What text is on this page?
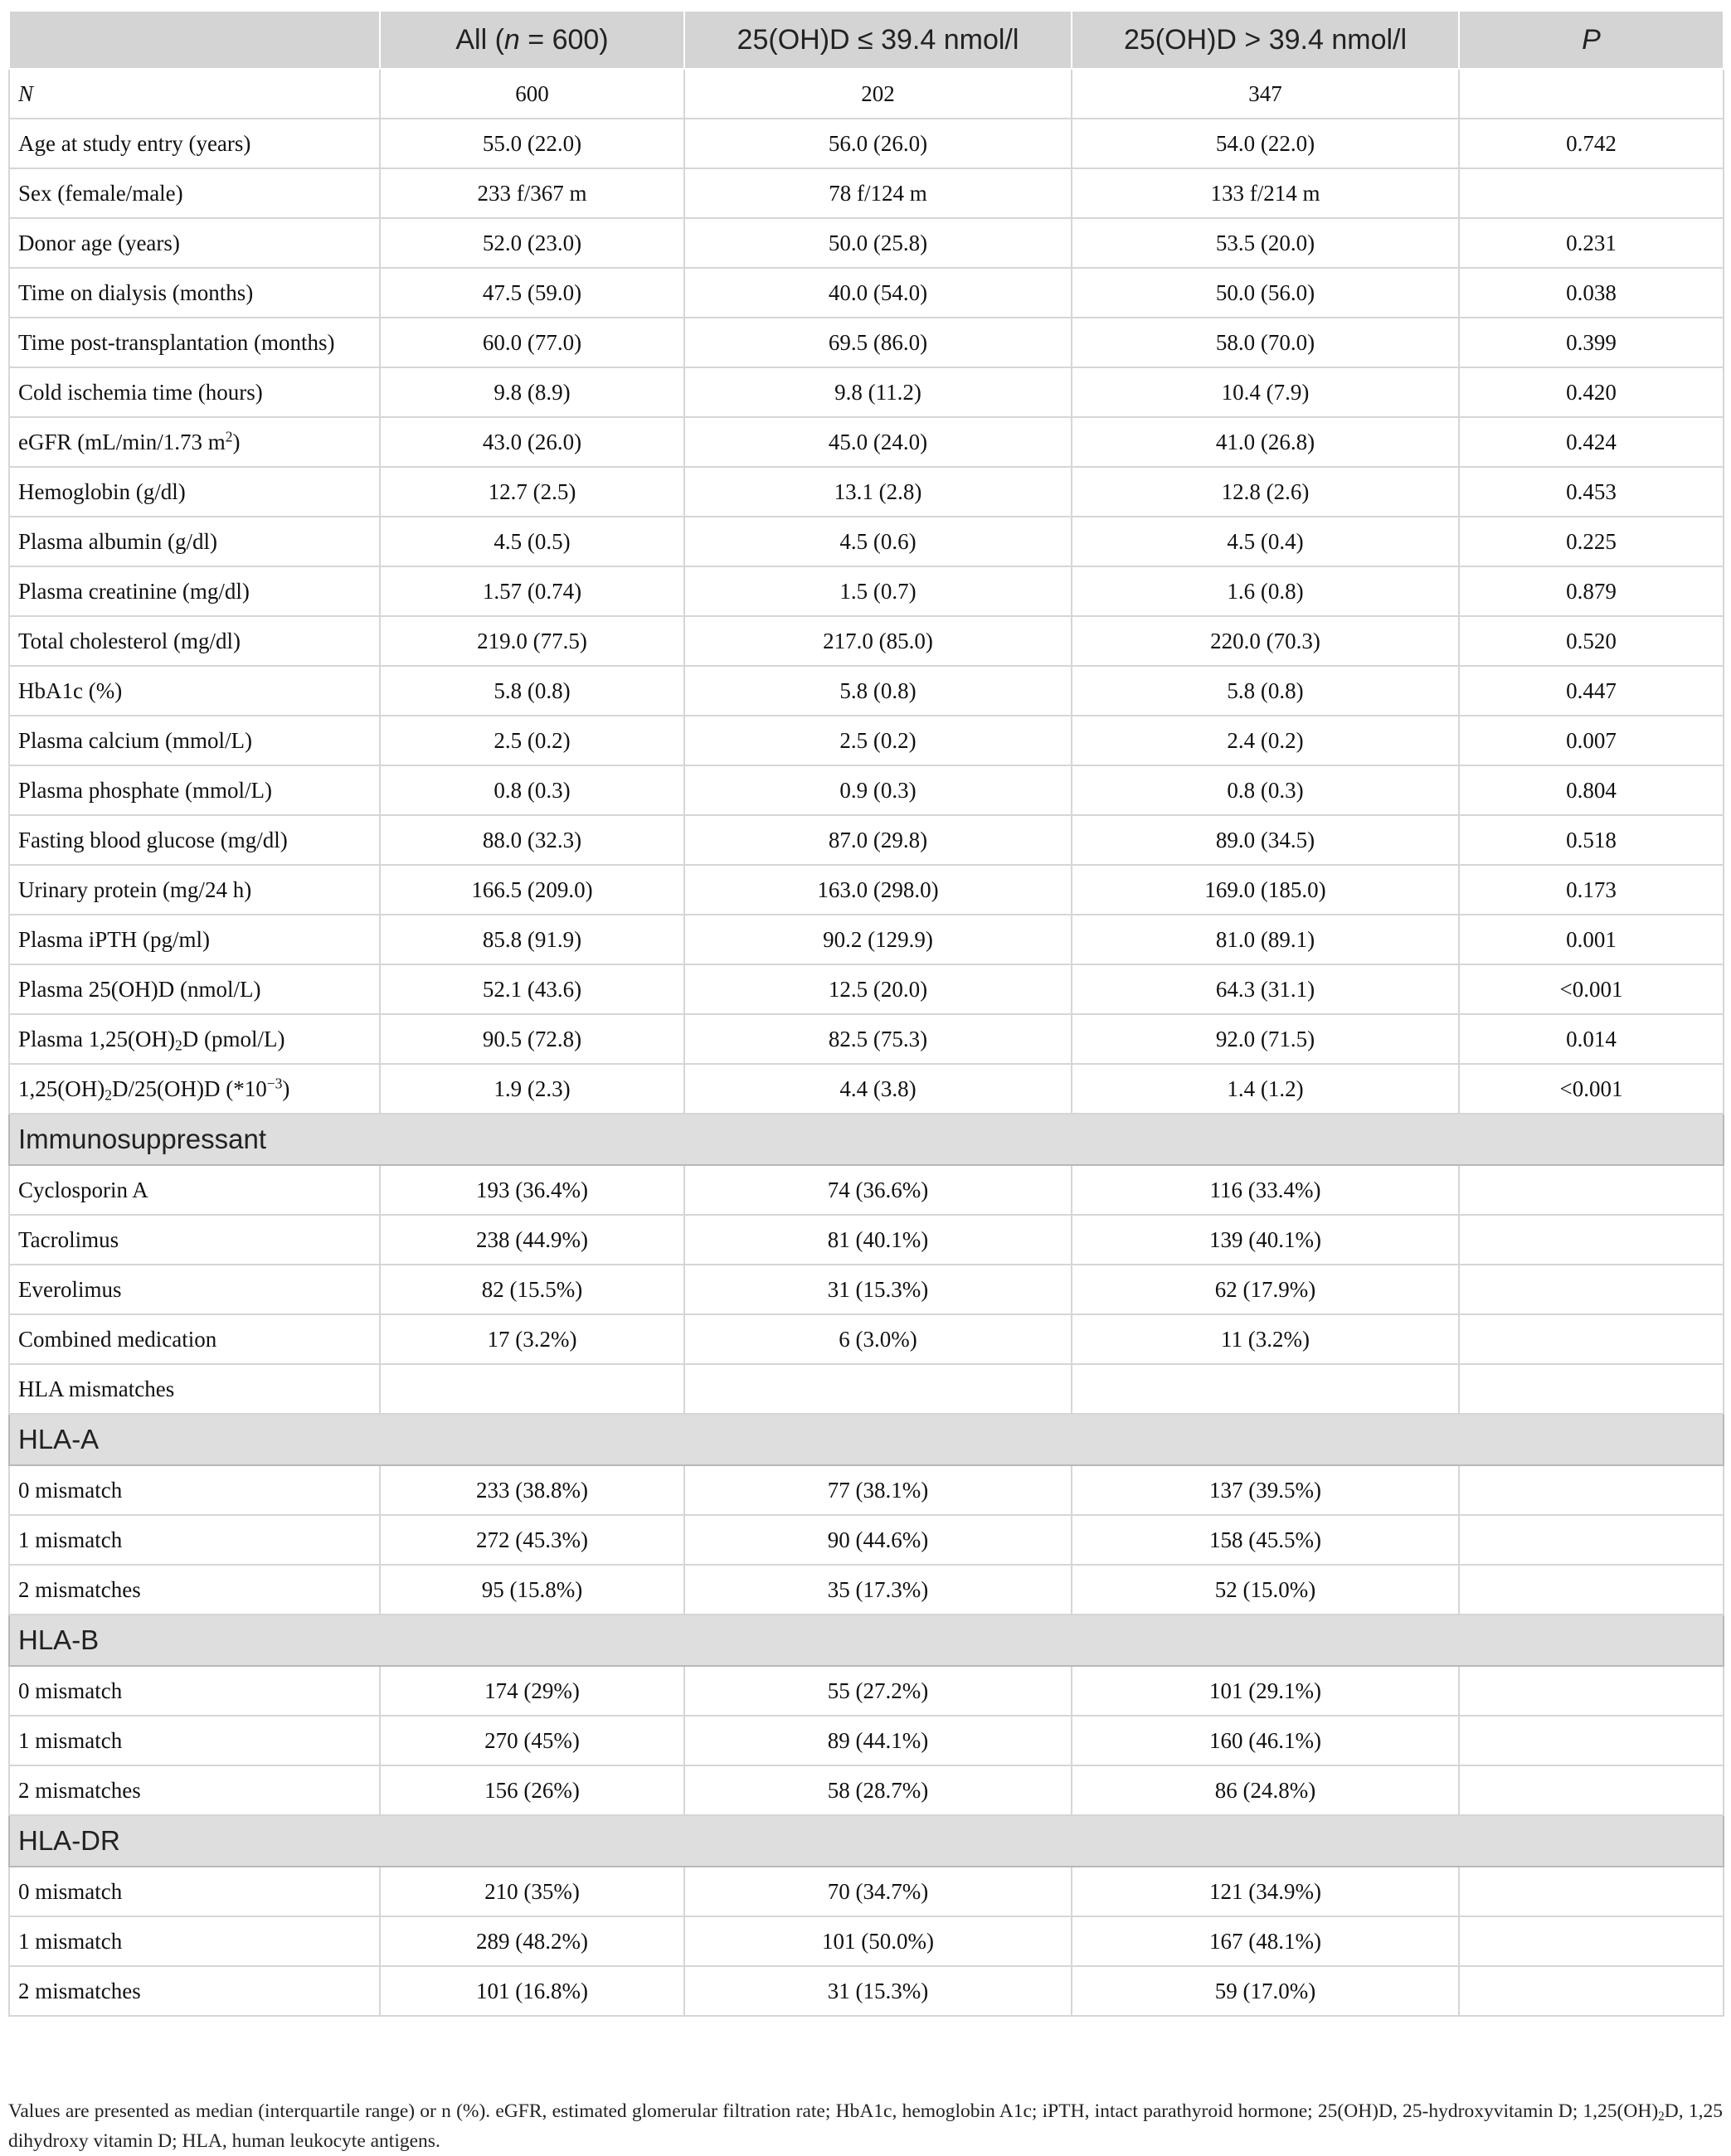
	All (n = 600)	25(OH)D ≤ 39.4 nmol/l	25(OH)D > 39.4 nmol/l	P
N	600	202	347	
Age at study entry (years)	55.0 (22.0)	56.0 (26.0)	54.0 (22.0)	0.742
Sex (female/male)	233 f/367 m	78 f/124 m	133 f/214 m	
Donor age (years)	52.0 (23.0)	50.0 (25.8)	53.5 (20.0)	0.231
Time on dialysis (months)	47.5 (59.0)	40.0 (54.0)	50.0 (56.0)	0.038
Time post-transplantation (months)	60.0 (77.0)	69.5 (86.0)	58.0 (70.0)	0.399
Cold ischemia time (hours)	9.8 (8.9)	9.8 (11.2)	10.4 (7.9)	0.420
eGFR (mL/min/1.73 $m^2$)	43.0 (26.0)	45.0 (24.0)	41.0 (26.8)	0.424
Hemoglobin (g/dl)	12.7 (2.5)	13.1 (2.8)	12.8 (2.6)	0.453
Plasma albumin (g/dl)	4.5 (0.5)	4.5 (0.6)	4.5 (0.4)	0.225
Plasma creatinine (mg/dl)	1.57 (0.74)	1.5 (0.7)	1.6 (0.8)	0.879
Total cholesterol (mg/dl)	219.0 (77.5)	217.0 (85.0)	220.0 (70.3)	0.520
HbA1c (%)	5.8 (0.8)	5.8 (0.8)	5.8 (0.8)	0.447
Plasma calcium (mmol/L)	2.5 (0.2)	2.5 (0.2)	2.4 (0.2)	0.007
Plasma phosphate (mmol/L)	0.8 (0.3)	0.9 (0.3)	0.8 (0.3)	0.804
Fasting blood glucose (mg/dl)	88.0 (32.3)	87.0 (29.8)	89.0 (34.5)	0.518
Urinary protein (mg/24 h)	166.5 (209.0)	163.0 (298.0)	169.0 (185.0)	0.173
Plasma iPTH (pg/ml)	85.8 (91.9)	90.2 (129.9)	81.0 (89.1)	0.001
Plasma 25(OH)D (nmol/L)	52.1 (43.6)	12.5 (20.0)	64.3 (31.1)	<0.001
Plasma $1,25(OH)_2D$ (pmol/L)	90.5 (72.8)	82.5 (75.3)	92.0 (71.5)	0.014
$1,25(OH)_2D/25(OH)D$ $(*10^{-3})$	1.9 (2.3)	4.4 (3.8)	1.4 (1.2)	<0.001
Immunosuppressant				
Cyclosporin A	193 (36.4%)	74 (36.6%)	116 (33.4%)	
Tacrolimus	238 (44.9%)	81 (40.1%)	139 (40.1%)	
Everolimus	82 (15.5%)	31 (15.3%)	62 (17.9%)	
Combined medication	17 (3.2%)	6 (3.0%)	11 (3.2%)	
HLA mismatches				
HLA-A				
0 mismatch	233 (38.8%)	77 (38.1%)	137 (39.5%)	
1 mismatch	272 (45.3%)	90 (44.6%)	158 (45.5%)	
2 mismatches	95 (15.8%)	35 (17.3%)	52 (15.0%)	
HLA-B				
0 mismatch	174 (29%)	55 (27.2%)	101 (29.1%)	
1 mismatch	270 (45%)	89 (44.1%)	160 (46.1%)	
2 mismatches	156 (26%)	58 (28.7%)	86 (24.8%)	
HLA-DR				
0 mismatch	210 (35%)	70 (34.7%)	121 (34.9%)	
1 mismatch	289 (48.2%)	101 (50.0%)	167 (48.1%)	
2 mismatches	101 (16.8%)	31 (15.3%)	59 (17.0%)	
Values are presented as median (interquartile range) or n (%). eGFR, estimated glomerular filtration rate; HbA1c, hemoglobin A1c; iPTH, intact parathyroid hormone; 25(OH)D, 25-hydroxyvitamin D; $1,25(OH)_2D$, 1,25 dihydroxy vitamin D; HLA, human leukocyte antigens.
